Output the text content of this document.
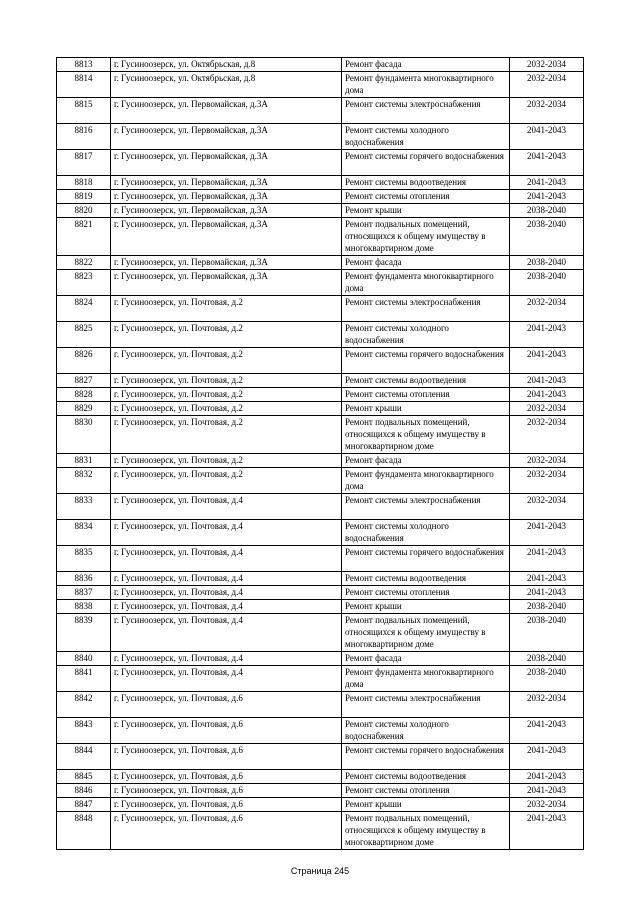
8813	г. Гусиноозерск, ул. Октябрьская, д.8	Ремонт фасада	2032-2034
8814	г. Гусиноозерск, ул. Октябрьская, д.8	Ремонт фундамента многоквартирного дома	2032-2034
8815	г. Гусиноозерск, ул. Первомайская, д.3А	Ремонт системы электроснабжения	2032-2034
8816	г. Гусиноозерск, ул. Первомайская, д.3А	Ремонт системы холодного водоснабжения	2041-2043
8817	г. Гусиноозерск, ул. Первомайская, д.3А	Ремонт системы горячего водоснабжения	2041-2043
8818	г. Гусиноозерск, ул. Первомайская, д.3А	Ремонт системы водоотведения	2041-2043
8819	г. Гусиноозерск, ул. Первомайская, д.3А	Ремонт системы отопления	2041-2043
8820	г. Гусиноозерск, ул. Первомайская, д.3А	Ремонт крыши	2038-2040
8821	г. Гусиноозерск, ул. Первомайская, д.3А	Ремонт подвальных помещений, относящихся к общему имуществу в многоквартирном доме	2038-2040
8822	г. Гусиноозерск, ул. Первомайская, д.3А	Ремонт фасада	2038-2040
8823	г. Гусиноозерск, ул. Первомайская, д.3А	Ремонт фундамента многоквартирного дома	2038-2040
8824	г. Гусиноозерск, ул. Почтовая, д.2	Ремонт системы электроснабжения	2032-2034
8825	г. Гусиноозерск, ул. Почтовая, д.2	Ремонт системы холодного водоснабжения	2041-2043
8826	г. Гусиноозерск, ул. Почтовая, д.2	Ремонт системы горячего водоснабжения	2041-2043
8827	г. Гусиноозерск, ул. Почтовая, д.2	Ремонт системы водоотведения	2041-2043
8828	г. Гусиноозерск, ул. Почтовая, д.2	Ремонт системы отопления	2041-2043
8829	г. Гусиноозерск, ул. Почтовая, д.2	Ремонт крыши	2032-2034
8830	г. Гусиноозерск, ул. Почтовая, д.2	Ремонт подвальных помещений, относящихся к общему имуществу в многоквартирном доме	2032-2034
8831	г. Гусиноозерск, ул. Почтовая, д.2	Ремонт фасада	2032-2034
8832	г. Гусиноозерск, ул. Почтовая, д.2	Ремонт фундамента многоквартирного дома	2032-2034
8833	г. Гусиноозерск, ул. Почтовая, д.4	Ремонт системы электроснабжения	2032-2034
8834	г. Гусиноозерск, ул. Почтовая, д.4	Ремонт системы холодного водоснабжения	2041-2043
8835	г. Гусиноозерск, ул. Почтовая, д.4	Ремонт системы горячего водоснабжения	2041-2043
8836	г. Гусиноозерск, ул. Почтовая, д.4	Ремонт системы водоотведения	2041-2043
8837	г. Гусиноозерск, ул. Почтовая, д.4	Ремонт системы отопления	2041-2043
8838	г. Гусиноозерск, ул. Почтовая, д.4	Ремонт крыши	2038-2040
8839	г. Гусиноозерск, ул. Почтовая, д.4	Ремонт подвальных помещений, относящихся к общему имуществу в многоквартирном доме	2038-2040
8840	г. Гусиноозерск, ул. Почтовая, д.4	Ремонт фасада	2038-2040
8841	г. Гусиноозерск, ул. Почтовая, д.4	Ремонт фундамента многоквартирного дома	2038-2040
8842	г. Гусиноозерск, ул. Почтовая, д.6	Ремонт системы электроснабжения	2032-2034
8843	г. Гусиноозерск, ул. Почтовая, д.6	Ремонт системы холодного водоснабжения	2041-2043
8844	г. Гусиноозерск, ул. Почтовая, д.6	Ремонт системы горячего водоснабжения	2041-2043
8845	г. Гусиноозерск, ул. Почтовая, д.6	Ремонт системы водоотведения	2041-2043
8846	г. Гусиноозерск, ул. Почтовая, д.6	Ремонт системы отопления	2041-2043
8847	г. Гусиноозерск, ул. Почтовая, д.6	Ремонт крыши	2032-2034
8848	г. Гусиноозерск, ул. Почтовая, д.6	Ремонт подвальных помещений, относящихся к общему имуществу в многоквартирном доме	2041-2043
Страница 245
